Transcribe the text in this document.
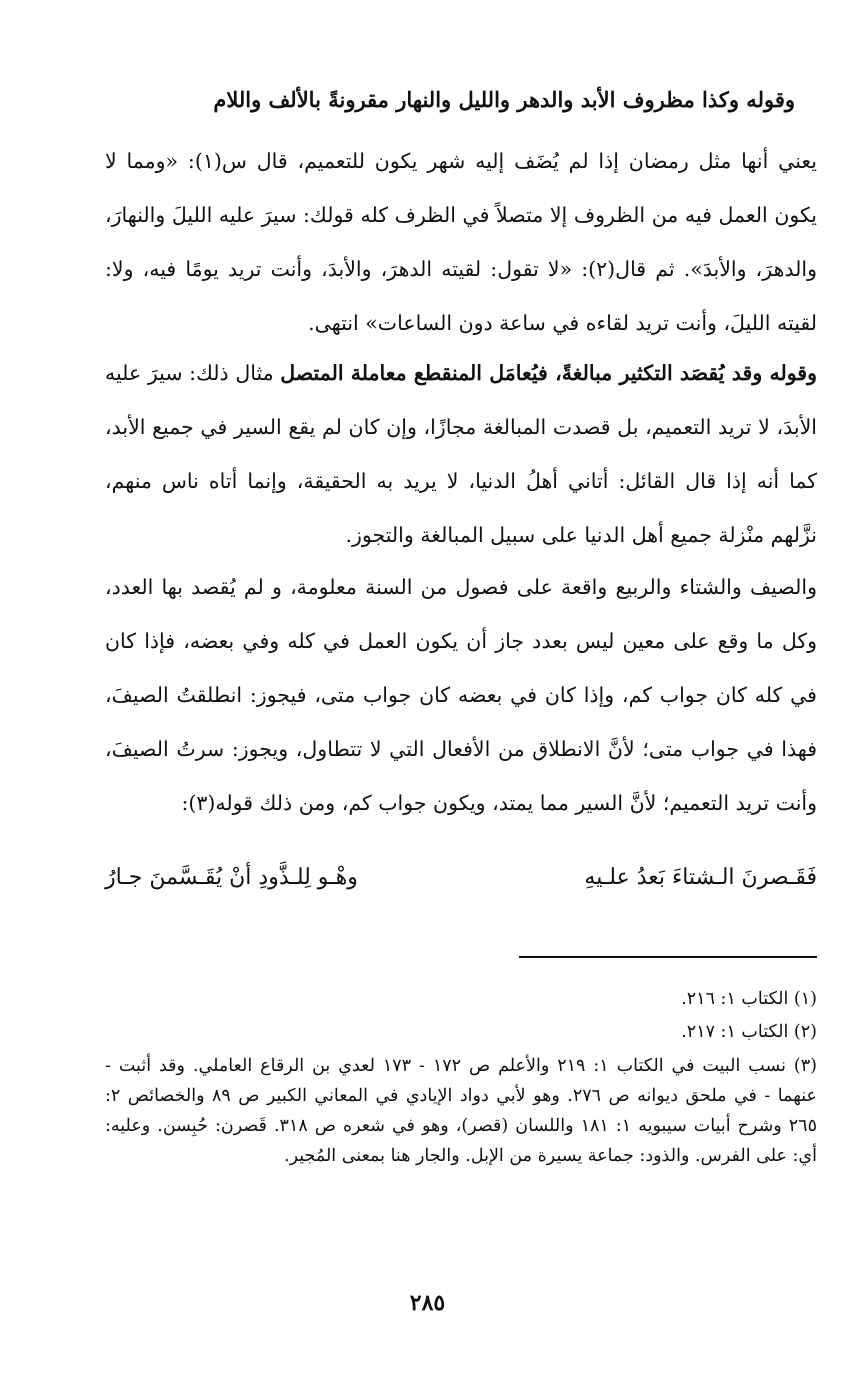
وقوله وكذا مظروف الأبد والدهر والليل والنهار مقرونةً بالألف واللام

يعني أنها مثل رمضان إذا لم يُضَف إليه شهر يكون للتعميم، قال س(١): «ومما لا يكون العمل فيه من الظروف إلا متصلاً في الظرف كله قولك: سيرَ عليه الليلَ والنهارَ، والدهرَ، والأبدَ». ثم قال(٢): «لا تقول: لقيته الدهرَ، والأبدَ، وأنت تريد يومًا فيه، ولا: لقيته الليلَ، وأنت تريد لقاءه في ساعة دون الساعات» انتهى.

وقوله وقد يُقصَد التكثير مبالغةً، فيُعامَل المنقطع معاملة المتصل مثال ذلك: سيرَ عليه الأبدَ، لا تريد التعميم، بل قصدت المبالغة مجازًا، وإن كان لم يقع السير في جميع الأبد، كما أنه إذا قال القائل: أتاني أهلُ الدنيا، لا يريد به الحقيقة، وإنما أتاه ناس منهم، نزَّلهم منْزلة جميع أهل الدنيا على سبيل المبالغة والتجوز.

والصيف والشتاء والربيع واقعة على فصول من السنة معلومة، و لم يُقصد بها العدد، وكل ما وقع على معين ليس بعدد جاز أن يكون العمل في كله وفي بعضه، فإذا كان في كله كان جواب كم، وإذا كان في بعضه كان جواب متى، فيجوز: انطلقتُ الصيفَ، فهذا في جواب متى؛ لأنَّ الانطلاق من الأفعال التي لا تتطاول، ويجوز: سرتُ الصيفَ، وأنت تريد التعميم؛ لأنَّ السير مما يمتد، ويكون جواب كم، ومن ذلك قوله(٣):

فَقَـصرنَ الـشتاءَ بَعدُ علـيهِ
وهْـو لِلـذَّودِ أنْ يُقَـسَّمنَ جـارُ

(١) الكتاب ١: ٢١٦.

(٢) الكتاب ١: ٢١٧.

(٣) نسب البيت في الكتاب ١: ٢١٩ والأعلم ص ١٧٢ - ١٧٣ لعدي بن الرقاع العاملي. وقد أثبت - عنهما - في ملحق ديوانه ص ٢٧٦. وهو لأبي دواد الإيادي في المعاني الكبير ص ٨٩ والخصائص ٢: ٢٦٥ وشرح أبيات سيبويه ١: ١٨١ واللسان (قصر)، وهو في شعره ص ٣١٨. قَصرن: حُبِسن. وعليه: أي: على الفرس. والذود: جماعة يسيرة من الإبل. والجار هنا بمعنى المُجير.

٢٨٥
